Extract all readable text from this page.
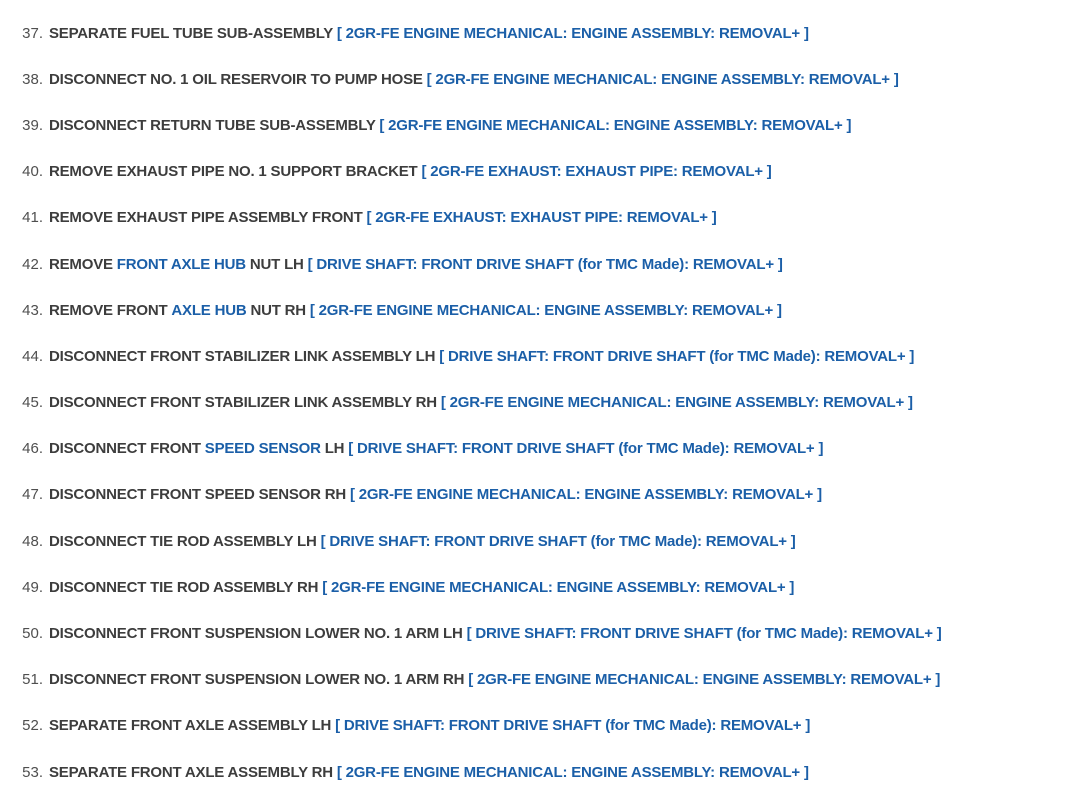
37. SEPARATE FUEL TUBE SUB-ASSEMBLY [ 2GR-FE ENGINE MECHANICAL: ENGINE ASSEMBLY: REMOVAL+ ]
38. DISCONNECT NO. 1 OIL RESERVOIR TO PUMP HOSE [ 2GR-FE ENGINE MECHANICAL: ENGINE ASSEMBLY: REMOVAL+ ]
39. DISCONNECT RETURN TUBE SUB-ASSEMBLY [ 2GR-FE ENGINE MECHANICAL: ENGINE ASSEMBLY: REMOVAL+ ]
40. REMOVE EXHAUST PIPE NO. 1 SUPPORT BRACKET [ 2GR-FE EXHAUST: EXHAUST PIPE: REMOVAL+ ]
41. REMOVE EXHAUST PIPE ASSEMBLY FRONT [ 2GR-FE EXHAUST: EXHAUST PIPE: REMOVAL+ ]
42. REMOVE FRONT AXLE HUB NUT LH [ DRIVE SHAFT: FRONT DRIVE SHAFT (for TMC Made): REMOVAL+ ]
43. REMOVE FRONT AXLE HUB NUT RH [ 2GR-FE ENGINE MECHANICAL: ENGINE ASSEMBLY: REMOVAL+ ]
44. DISCONNECT FRONT STABILIZER LINK ASSEMBLY LH [ DRIVE SHAFT: FRONT DRIVE SHAFT (for TMC Made): REMOVAL+ ]
45. DISCONNECT FRONT STABILIZER LINK ASSEMBLY RH [ 2GR-FE ENGINE MECHANICAL: ENGINE ASSEMBLY: REMOVAL+ ]
46. DISCONNECT FRONT SPEED SENSOR LH [ DRIVE SHAFT: FRONT DRIVE SHAFT (for TMC Made): REMOVAL+ ]
47. DISCONNECT FRONT SPEED SENSOR RH [ 2GR-FE ENGINE MECHANICAL: ENGINE ASSEMBLY: REMOVAL+ ]
48. DISCONNECT TIE ROD ASSEMBLY LH [ DRIVE SHAFT: FRONT DRIVE SHAFT (for TMC Made): REMOVAL+ ]
49. DISCONNECT TIE ROD ASSEMBLY RH [ 2GR-FE ENGINE MECHANICAL: ENGINE ASSEMBLY: REMOVAL+ ]
50. DISCONNECT FRONT SUSPENSION LOWER NO. 1 ARM LH [ DRIVE SHAFT: FRONT DRIVE SHAFT (for TMC Made): REMOVAL+ ]
51. DISCONNECT FRONT SUSPENSION LOWER NO. 1 ARM RH [ 2GR-FE ENGINE MECHANICAL: ENGINE ASSEMBLY: REMOVAL+ ]
52. SEPARATE FRONT AXLE ASSEMBLY LH [ DRIVE SHAFT: FRONT DRIVE SHAFT (for TMC Made): REMOVAL+ ]
53. SEPARATE FRONT AXLE ASSEMBLY RH [ 2GR-FE ENGINE MECHANICAL: ENGINE ASSEMBLY: REMOVAL+ ]
